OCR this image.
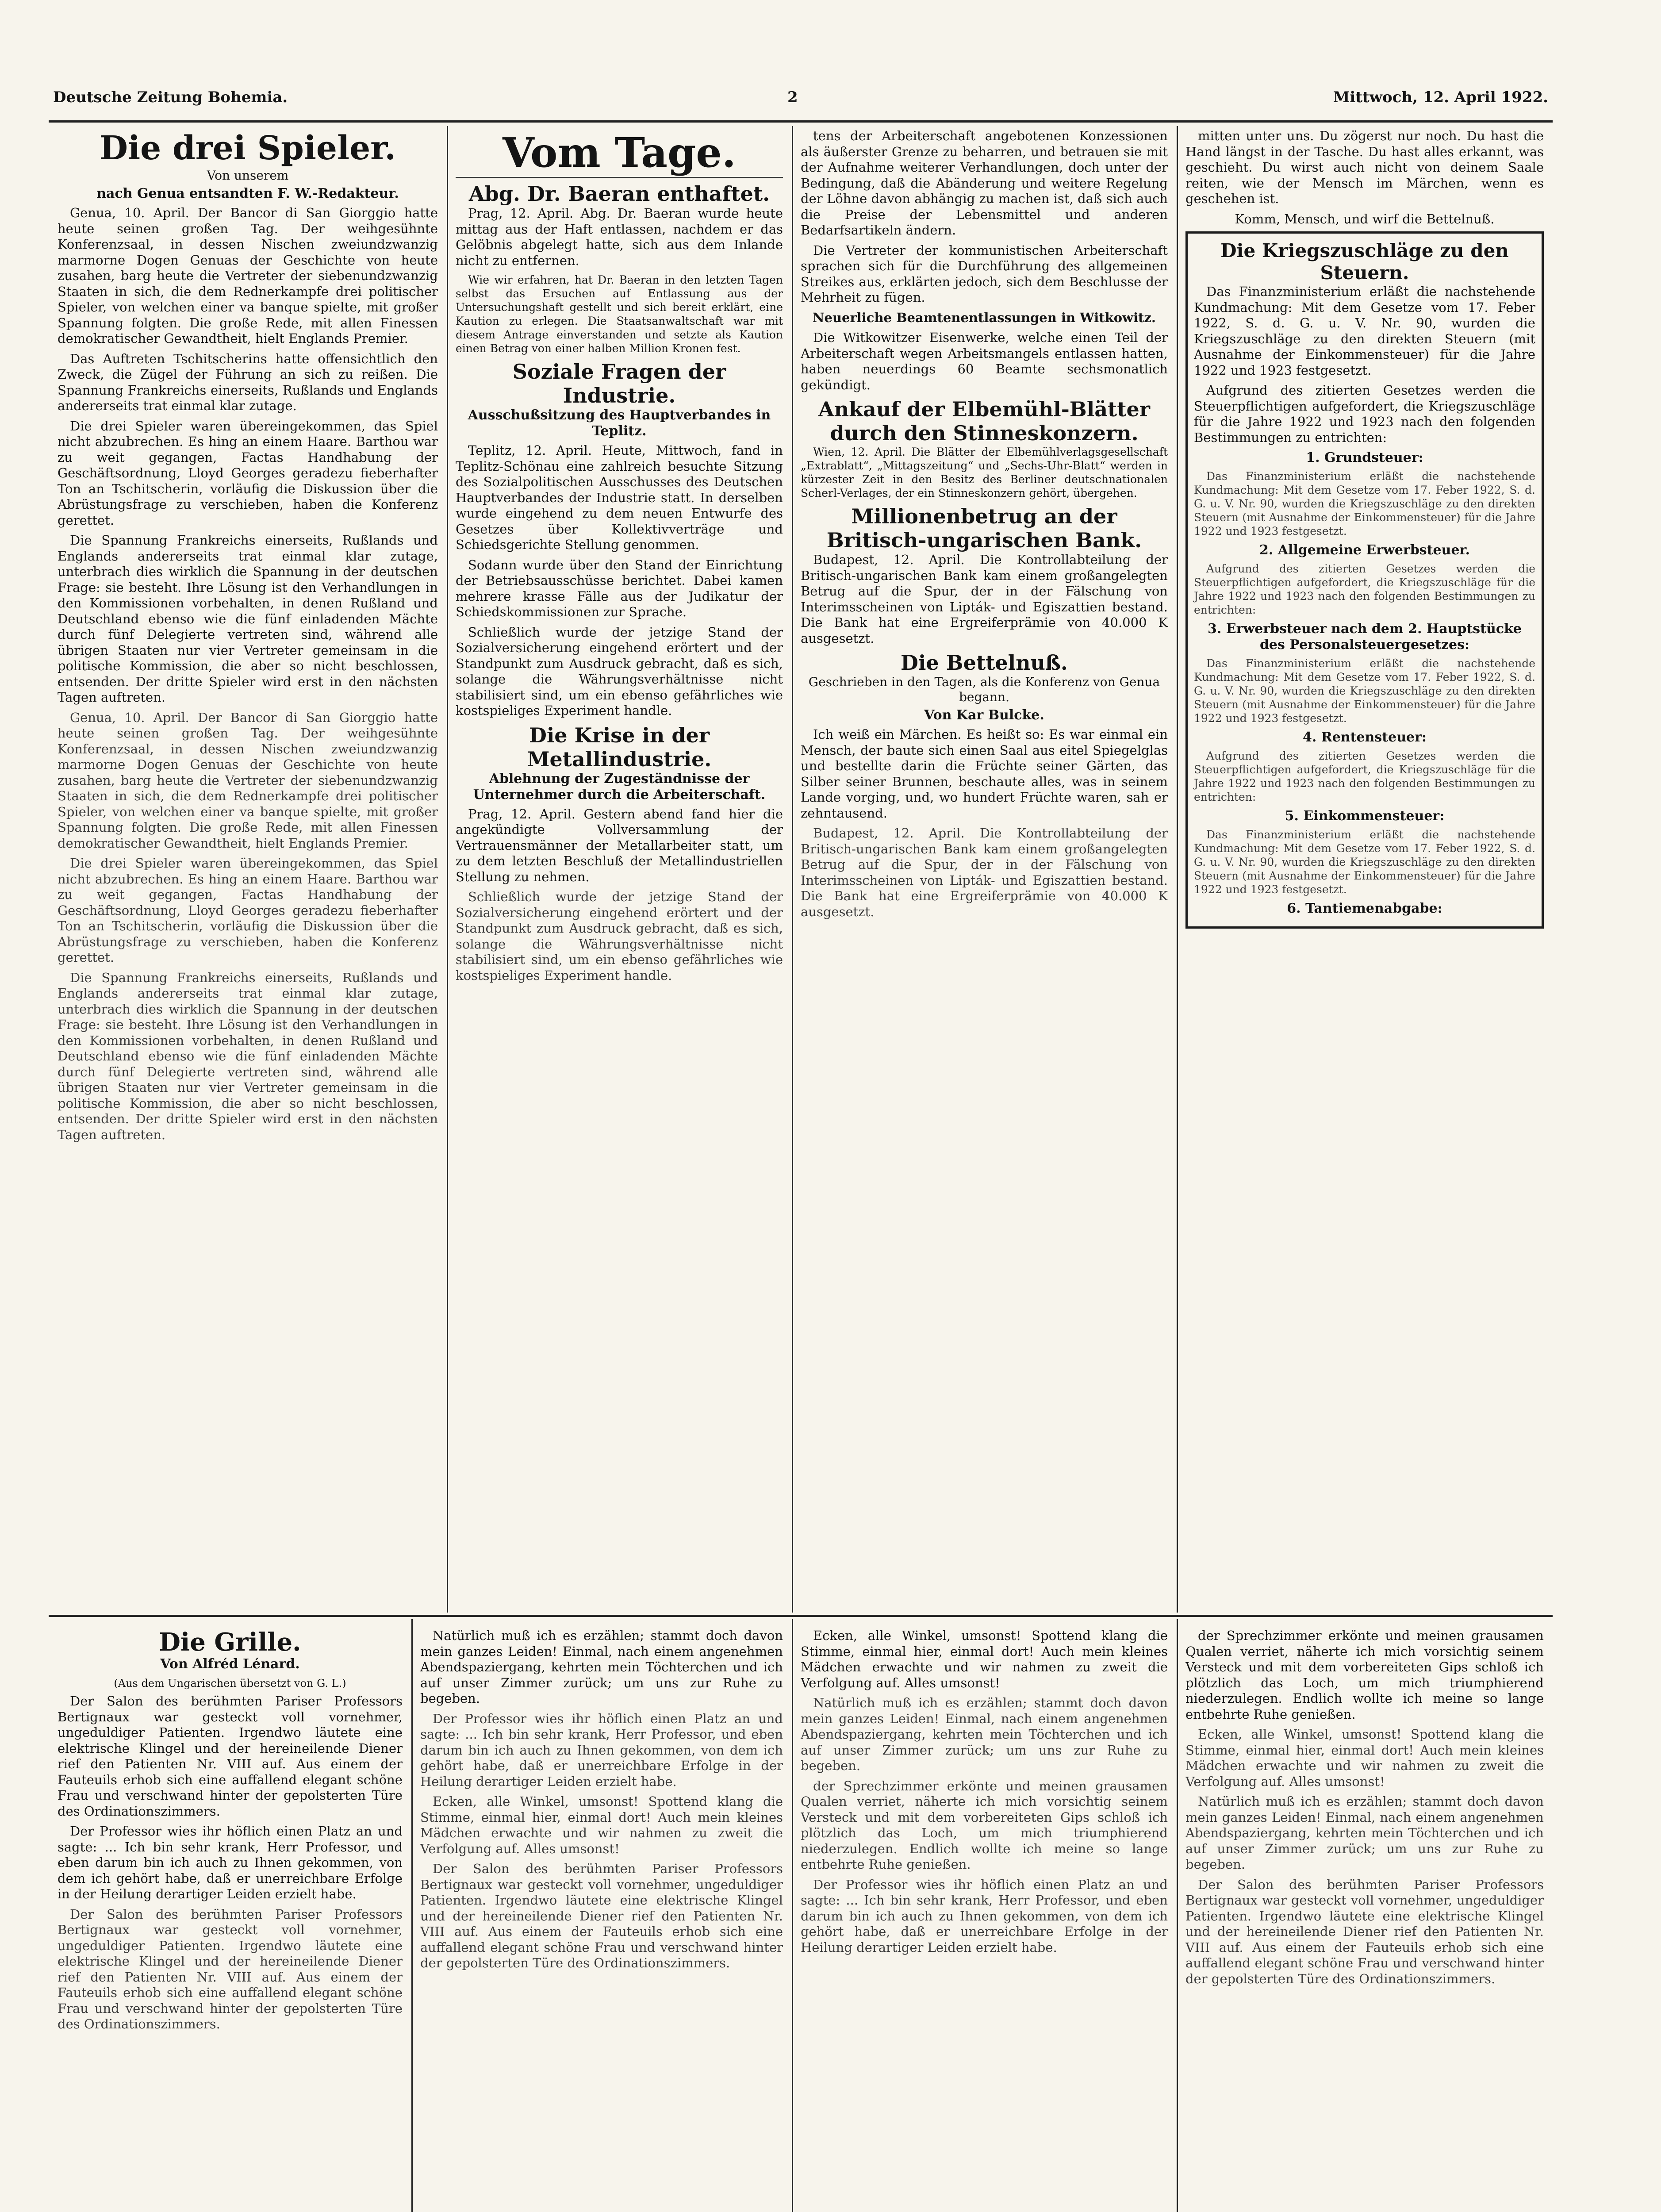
Deutsche Zeitung Bohemia.	2	Mittwoch, 12. April 1922.
Die drei Spieler.
Von unserem
nach Genua entsandten F. W.-Redakteur.

Genua, 10. April. Der Bancor di San Giorggio hatte heute seinen großen Tag. Der weihgesühnte Konferenzsaal, in dessen Nischen zweiundzwanzig marmorne Dogen Genuas der Geschichte von heute zusahen, barg heute die Vertreter der siebenundzwanzig Staaten in sich, die dem Rednerkampfe drei politischer Spieler, von welchen einer va banque spielte, mit großer Spannung folgten. Die große Rede, mit allen Finessen demokratischer Gewandtheit, hielt Englands Premier.

Das Auftreten Tschitscherins hatte offensichtlich den Zweck, die Zügel der Führung an sich zu reißen. Die Spannung Frankreichs einerseits, Rußlands und Englands andererseits trat einmal klar zutage.

Die drei Spieler waren übereingekommen, das Spiel nicht abzubrechen. Es hing an einem Haare. Barthou war zu weit gegangen, Factas Handhabung der Geschäftsordnung, Lloyd Georges geradezu fieberhafter Ton an Tschitscherin, vorläufig die Diskussion über die Abrüstungsfrage zu verschieben, haben die Konferenz gerettet.

Die Spannung Frankreichs einerseits, Rußlands und Englands andererseits trat einmal klar zutage, unterbrach dies wirklich die Spannung in der deutschen Frage: sie besteht. Ihre Lösung ist den Verhandlungen in den Kommissionen vorbehalten, in denen Rußland und Deutschland ebenso wie die fünf einladenden Mächte durch fünf Delegierte vertreten sind, während alle übrigen Staaten nur vier Vertreter gemeinsam in die politische Kommission, die aber so nicht beschlossen, entsenden. Der dritte Spieler wird erst in den nächsten Tagen auftreten.

Genua, 10. April. Der Bancor di San Giorggio hatte heute seinen großen Tag. Der weihgesühnte Konferenzsaal, in dessen Nischen zweiundzwanzig marmorne Dogen Genuas der Geschichte von heute zusahen, barg heute die Vertreter der siebenundzwanzig Staaten in sich, die dem Rednerkampfe drei politischer Spieler, von welchen einer va banque spielte, mit großer Spannung folgten. Die große Rede, mit allen Finessen demokratischer Gewandtheit, hielt Englands Premier.

Die drei Spieler waren übereingekommen, das Spiel nicht abzubrechen. Es hing an einem Haare. Barthou war zu weit gegangen, Factas Handhabung der Geschäftsordnung, Lloyd Georges geradezu fieberhafter Ton an Tschitscherin, vorläufig die Diskussion über die Abrüstungsfrage zu verschieben, haben die Konferenz gerettet.

Die Spannung Frankreichs einerseits, Rußlands und Englands andererseits trat einmal klar zutage, unterbrach dies wirklich die Spannung in der deutschen Frage: sie besteht. Ihre Lösung ist den Verhandlungen in den Kommissionen vorbehalten, in denen Rußland und Deutschland ebenso wie die fünf einladenden Mächte durch fünf Delegierte vertreten sind, während alle übrigen Staaten nur vier Vertreter gemeinsam in die politische Kommission, die aber so nicht beschlossen, entsenden. Der dritte Spieler wird erst in den nächsten Tagen auftreten.

Vom Tage.
Abg. Dr. Baeran enthaftet.

Prag, 12. April. Abg. Dr. Baeran wurde heute mittag aus der Haft entlassen, nachdem er das Gelöbnis abgelegt hatte, sich aus dem Inlande nicht zu entfernen.

Wie wir erfahren, hat Dr. Baeran in den letzten Tagen selbst das Ersuchen auf Entlassung aus der Untersuchungshaft gestellt und sich bereit erklärt, eine Kaution zu erlegen. Die Staatsanwaltschaft war mit diesem Antrage einverstanden und setzte als Kaution einen Betrag von einer halben Million Kronen fest.

Soziale Fragen der Industrie.
Ausschußsitzung des Hauptverbandes in Teplitz.

Teplitz, 12. April. Heute, Mittwoch, fand in Teplitz-Schönau eine zahlreich besuchte Sitzung des Sozialpolitischen Ausschusses des Deutschen Hauptverbandes der Industrie statt. In derselben wurde eingehend zu dem neuen Entwurfe des Gesetzes über Kollektivverträge und Schiedsgerichte Stellung genommen.

Sodann wurde über den Stand der Einrichtung der Betriebsausschüsse berichtet. Dabei kamen mehrere krasse Fälle aus der Judikatur der Schiedskommissionen zur Sprache.

Schließlich wurde der jetzige Stand der Sozialversicherung eingehend erörtert und der Standpunkt zum Ausdruck gebracht, daß es sich, solange die Währungsverhältnisse nicht stabilisiert sind, um ein ebenso gefährliches wie kostspieliges Experiment handle.

Die Krise in der Metallindustrie.
Ablehnung der Zugeständnisse der Unternehmer durch die Arbeiterschaft.

Prag, 12. April. Gestern abend fand hier die angekündigte Vollversammlung der Vertrauensmänner der Metallarbeiter statt, um zu dem letzten Beschluß der Metallindustriellen Stellung zu nehmen.

Schließlich wurde der jetzige Stand der Sozialversicherung eingehend erörtert und der Standpunkt zum Ausdruck gebracht, daß es sich, solange die Währungsverhältnisse nicht stabilisiert sind, um ein ebenso gefährliches wie kostspieliges Experiment handle.

tens der Arbeiterschaft angebotenen Konzessionen als äußerster Grenze zu beharren, und betrauen sie mit der Aufnahme weiterer Verhandlungen, doch unter der Bedingung, daß die Abänderung und weitere Regelung der Löhne davon abhängig zu machen ist, daß sich auch die Preise der Lebensmittel und anderen Bedarfsartikeln ändern.

Die Vertreter der kommunistischen Arbeiterschaft sprachen sich für die Durchführung des allgemeinen Streikes aus, erklärten jedoch, sich dem Beschlusse der Mehrheit zu fügen.

Neuerliche Beamtenentlassungen in Witkowitz.

Die Witkowitzer Eisenwerke, welche einen Teil der Arbeiterschaft wegen Arbeitsmangels entlassen hatten, haben neuerdings 60 Beamte sechsmonatlich gekündigt.

Ankauf der Elbemühl-Blätter durch den Stinneskonzern.

Wien, 12. April. Die Blätter der Elbemühlverlagsgesellschaft „Extrablatt“, „Mittagszeitung“ und „Sechs-Uhr-Blatt“ werden in kürzester Zeit in den Besitz des Berliner deutschnationalen Scherl-Verlages, der ein Stinneskonzern gehört, übergehen.

Millionenbetrug an der Britisch-ungarischen Bank.

Budapest, 12. April. Die Kontrollabteilung der Britisch-ungarischen Bank kam einem großangelegten Betrug auf die Spur, der in der Fälschung von Interimsscheinen von Lipták- und Egiszattien bestand. Die Bank hat eine Ergreiferprämie von 40.000 K ausgesetzt.

Die Bettelnuß.
Geschrieben in den Tagen, als die Konferenz von Genua begann.
Von Kar Bulcke.

Ich weiß ein Märchen. Es heißt so: Es war einmal ein Mensch, der baute sich einen Saal aus eitel Spiegelglas und bestellte darin die Früchte seiner Gärten, das Silber seiner Brunnen, beschaute alles, was in seinem Lande vorging, und, wo hundert Früchte waren, sah er zehntausend.

Budapest, 12. April. Die Kontrollabteilung der Britisch-ungarischen Bank kam einem großangelegten Betrug auf die Spur, der in der Fälschung von Interimsscheinen von Lipták- und Egiszattien bestand. Die Bank hat eine Ergreiferprämie von 40.000 K ausgesetzt.

mitten unter uns. Du zögerst nur noch. Du hast die Hand längst in der Tasche. Du hast alles erkannt, was geschieht. Du wirst auch nicht von deinem Saale reiten, wie der Mensch im Märchen, wenn es geschehen ist.

Komm, Mensch, und wirf die Bettelnuß.

Die Kriegszuschläge zu den Steuern.

Das Finanzministerium erläßt die nachstehende Kundmachung: Mit dem Gesetze vom 17. Feber 1922, S. d. G. u. V. Nr. 90, wurden die Kriegszuschläge zu den direkten Steuern (mit Ausnahme der Einkommensteuer) für die Jahre 1922 und 1923 festgesetzt.

Aufgrund des zitierten Gesetzes werden die Steuerpflichtigen aufgefordert, die Kriegszuschläge für die Jahre 1922 und 1923 nach den folgenden Bestimmungen zu entrichten:

1. Grundsteuer:

Das Finanzministerium erläßt die nachstehende Kundmachung: Mit dem Gesetze vom 17. Feber 1922, S. d. G. u. V. Nr. 90, wurden die Kriegszuschläge zu den direkten Steuern (mit Ausnahme der Einkommensteuer) für die Jahre 1922 und 1923 festgesetzt.

2. Allgemeine Erwerbsteuer.

Aufgrund des zitierten Gesetzes werden die Steuerpflichtigen aufgefordert, die Kriegszuschläge für die Jahre 1922 und 1923 nach den folgenden Bestimmungen zu entrichten:

3. Erwerbsteuer nach dem 2. Hauptstücke des Personalsteuergesetzes:

Das Finanzministerium erläßt die nachstehende Kundmachung: Mit dem Gesetze vom 17. Feber 1922, S. d. G. u. V. Nr. 90, wurden die Kriegszuschläge zu den direkten Steuern (mit Ausnahme der Einkommensteuer) für die Jahre 1922 und 1923 festgesetzt.

4. Rentensteuer:

Aufgrund des zitierten Gesetzes werden die Steuerpflichtigen aufgefordert, die Kriegszuschläge für die Jahre 1922 und 1923 nach den folgenden Bestimmungen zu entrichten:

5. Einkommensteuer:

Das Finanzministerium erläßt die nachstehende Kundmachung: Mit dem Gesetze vom 17. Feber 1922, S. d. G. u. V. Nr. 90, wurden die Kriegszuschläge zu den direkten Steuern (mit Ausnahme der Einkommensteuer) für die Jahre 1922 und 1923 festgesetzt.

6. Tantiemenabgabe:
Die Grille.
Von Alfréd Lénard.
(Aus dem Ungarischen übersetzt von G. L.)

Der Salon des berühmten Pariser Professors Bertignaux war gesteckt voll vornehmer, ungeduldiger Patienten. Irgendwo läutete eine elektrische Klingel und der hereineilende Diener rief den Patienten Nr. VIII auf. Aus einem der Fauteuils erhob sich eine auffallend elegant schöne Frau und verschwand hinter der gepolsterten Türe des Ordinationszimmers.

Der Professor wies ihr höflich einen Platz an und sagte: ... Ich bin sehr krank, Herr Professor, und eben darum bin ich auch zu Ihnen gekommen, von dem ich gehört habe, daß er unerreichbare Erfolge in der Heilung derartiger Leiden erzielt habe.

Der Salon des berühmten Pariser Professors Bertignaux war gesteckt voll vornehmer, ungeduldiger Patienten. Irgendwo läutete eine elektrische Klingel und der hereineilende Diener rief den Patienten Nr. VIII auf. Aus einem der Fauteuils erhob sich eine auffallend elegant schöne Frau und verschwand hinter der gepolsterten Türe des Ordinationszimmers.

Natürlich muß ich es erzählen; stammt doch davon mein ganzes Leiden! Einmal, nach einem angenehmen Abendspaziergang, kehrten mein Töchterchen und ich auf unser Zimmer zurück; um uns zur Ruhe zu begeben.

Der Professor wies ihr höflich einen Platz an und sagte: ... Ich bin sehr krank, Herr Professor, und eben darum bin ich auch zu Ihnen gekommen, von dem ich gehört habe, daß er unerreichbare Erfolge in der Heilung derartiger Leiden erzielt habe.

Ecken, alle Winkel, umsonst! Spottend klang die Stimme, einmal hier, einmal dort! Auch mein kleines Mädchen erwachte und wir nahmen zu zweit die Verfolgung auf. Alles umsonst!

Der Salon des berühmten Pariser Professors Bertignaux war gesteckt voll vornehmer, ungeduldiger Patienten. Irgendwo läutete eine elektrische Klingel und der hereineilende Diener rief den Patienten Nr. VIII auf. Aus einem der Fauteuils erhob sich eine auffallend elegant schöne Frau und verschwand hinter der gepolsterten Türe des Ordinationszimmers.

Ecken, alle Winkel, umsonst! Spottend klang die Stimme, einmal hier, einmal dort! Auch mein kleines Mädchen erwachte und wir nahmen zu zweit die Verfolgung auf. Alles umsonst!

Natürlich muß ich es erzählen; stammt doch davon mein ganzes Leiden! Einmal, nach einem angenehmen Abendspaziergang, kehrten mein Töchterchen und ich auf unser Zimmer zurück; um uns zur Ruhe zu begeben.

der Sprechzimmer erkönte und meinen grausamen Qualen verriet, näherte ich mich vorsichtig seinem Versteck und mit dem vorbereiteten Gips schloß ich plötzlich das Loch, um mich triumphierend niederzulegen. Endlich wollte ich meine so lange entbehrte Ruhe genießen.

Der Professor wies ihr höflich einen Platz an und sagte: ... Ich bin sehr krank, Herr Professor, und eben darum bin ich auch zu Ihnen gekommen, von dem ich gehört habe, daß er unerreichbare Erfolge in der Heilung derartiger Leiden erzielt habe.

der Sprechzimmer erkönte und meinen grausamen Qualen verriet, näherte ich mich vorsichtig seinem Versteck und mit dem vorbereiteten Gips schloß ich plötzlich das Loch, um mich triumphierend niederzulegen. Endlich wollte ich meine so lange entbehrte Ruhe genießen.

Ecken, alle Winkel, umsonst! Spottend klang die Stimme, einmal hier, einmal dort! Auch mein kleines Mädchen erwachte und wir nahmen zu zweit die Verfolgung auf. Alles umsonst!

Natürlich muß ich es erzählen; stammt doch davon mein ganzes Leiden! Einmal, nach einem angenehmen Abendspaziergang, kehrten mein Töchterchen und ich auf unser Zimmer zurück; um uns zur Ruhe zu begeben.

Der Salon des berühmten Pariser Professors Bertignaux war gesteckt voll vornehmer, ungeduldiger Patienten. Irgendwo läutete eine elektrische Klingel und der hereineilende Diener rief den Patienten Nr. VIII auf. Aus einem der Fauteuils erhob sich eine auffallend elegant schöne Frau und verschwand hinter der gepolsterten Türe des Ordinationszimmers.
